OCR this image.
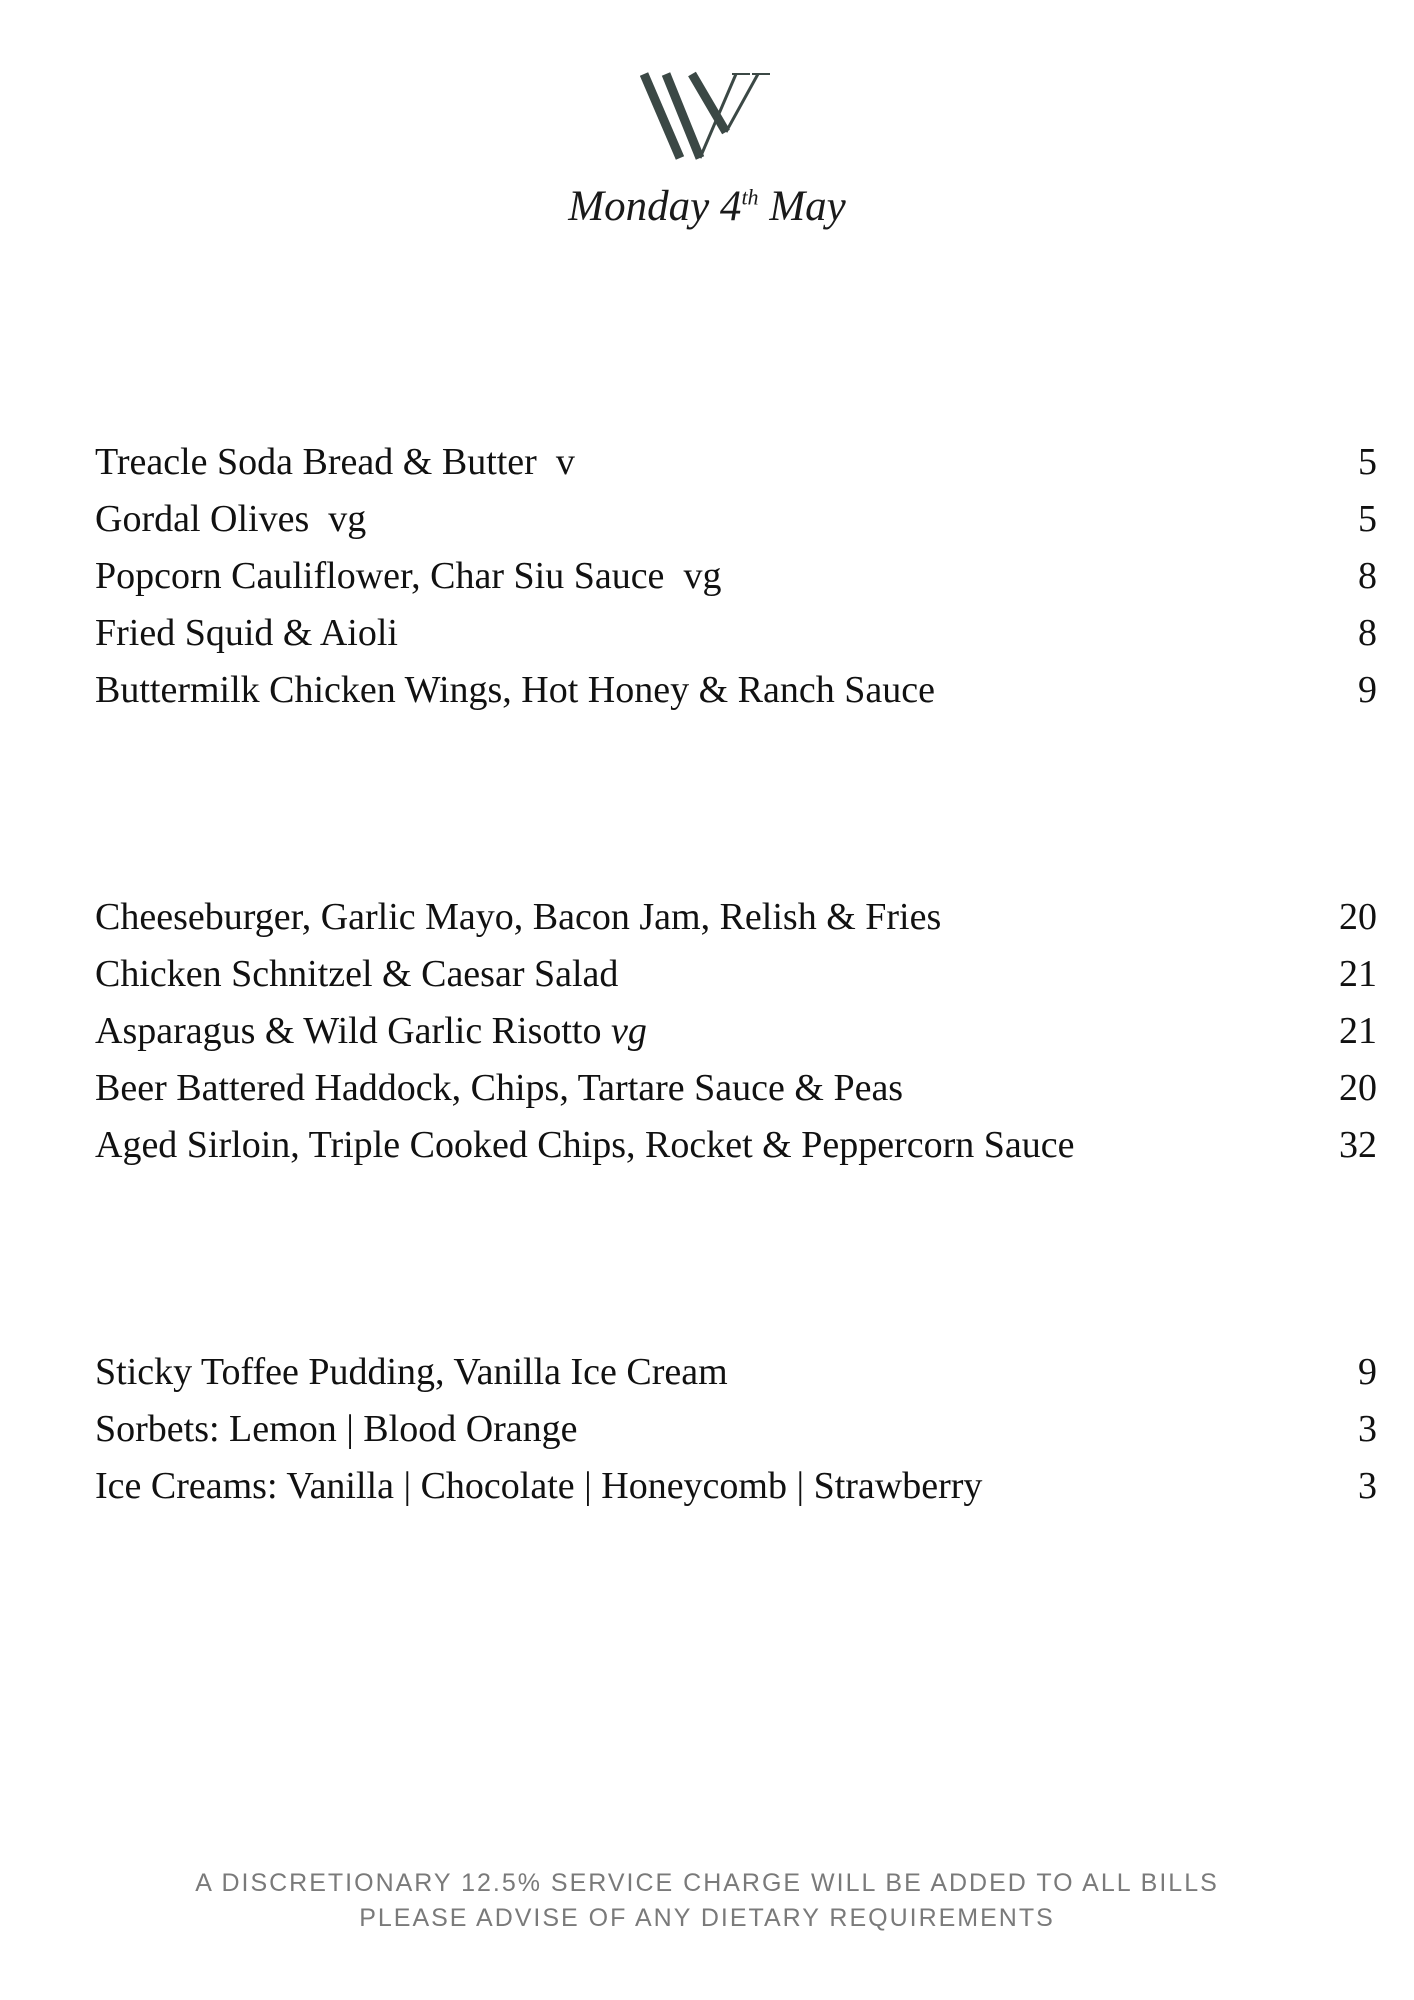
Monday 4th May
Treacle Soda Bread & Butter v	5
Gordal Olives vg	5
Popcorn Cauliflower, Char Siu Sauce vg	8
Fried Squid & Aioli	8
Buttermilk Chicken Wings, Hot Honey & Ranch Sauce	9
Cheeseburger, Garlic Mayo, Bacon Jam, Relish & Fries	20
Chicken Schnitzel & Caesar Salad	21
Asparagus & Wild Garlic Risotto vg	21
Beer Battered Haddock, Chips, Tartare Sauce & Peas	20
Aged Sirloin, Triple Cooked Chips, Rocket & Peppercorn Sauce	32
Sticky Toffee Pudding, Vanilla Ice Cream	9
Sorbets: Lemon | Blood Orange	3
Ice Creams: Vanilla | Chocolate | Honeycomb | Strawberry	3
A DISCRETIONARY 12.5% SERVICE CHARGE WILL BE ADDED TO ALL BILLS
PLEASE ADVISE OF ANY DIETARY REQUIREMENTS
